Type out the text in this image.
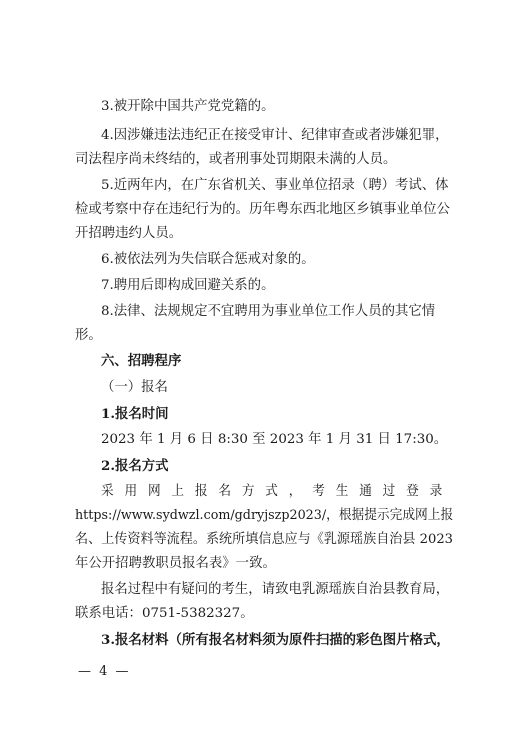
3.被开除中国共产党党籍的。
4.因涉嫌违法违纪正在接受审计、纪律审查或者涉嫌犯罪，
司法程序尚未终结的，或者刑事处罚期限未满的人员。
5.近两年内，在广东省机关、事业单位招录（聘）考试、体
检或考察中存在违纪行为的。历年粤东西北地区乡镇事业单位公
开招聘违约人员。
6.被依法列为失信联合惩戒对象的。
7.聘用后即构成回避关系的。
8.法律、法规规定不宜聘用为事业单位工作人员的其它情
形。
六、招聘程序
（一）报名
1.报名时间
2023 年 1 月 6 日 8:30 至 2023 年 1 月 31 日 17:30。
2.报名方式
采用网上报名方式，考生通过登录
https://www.sydwzl.com/gdryjszp2023/，根据提示完成网上报
名、上传资料等流程。系统所填信息应与《乳源瑶族自治县 2023
年公开招聘教职员报名表》一致。
报名过程中有疑问的考生，请致电乳源瑶族自治县教育局，
联系电话：0751-5382327。
3.报名材料（所有报名材料须为原件扫描的彩色图片格式，
— 4 —
